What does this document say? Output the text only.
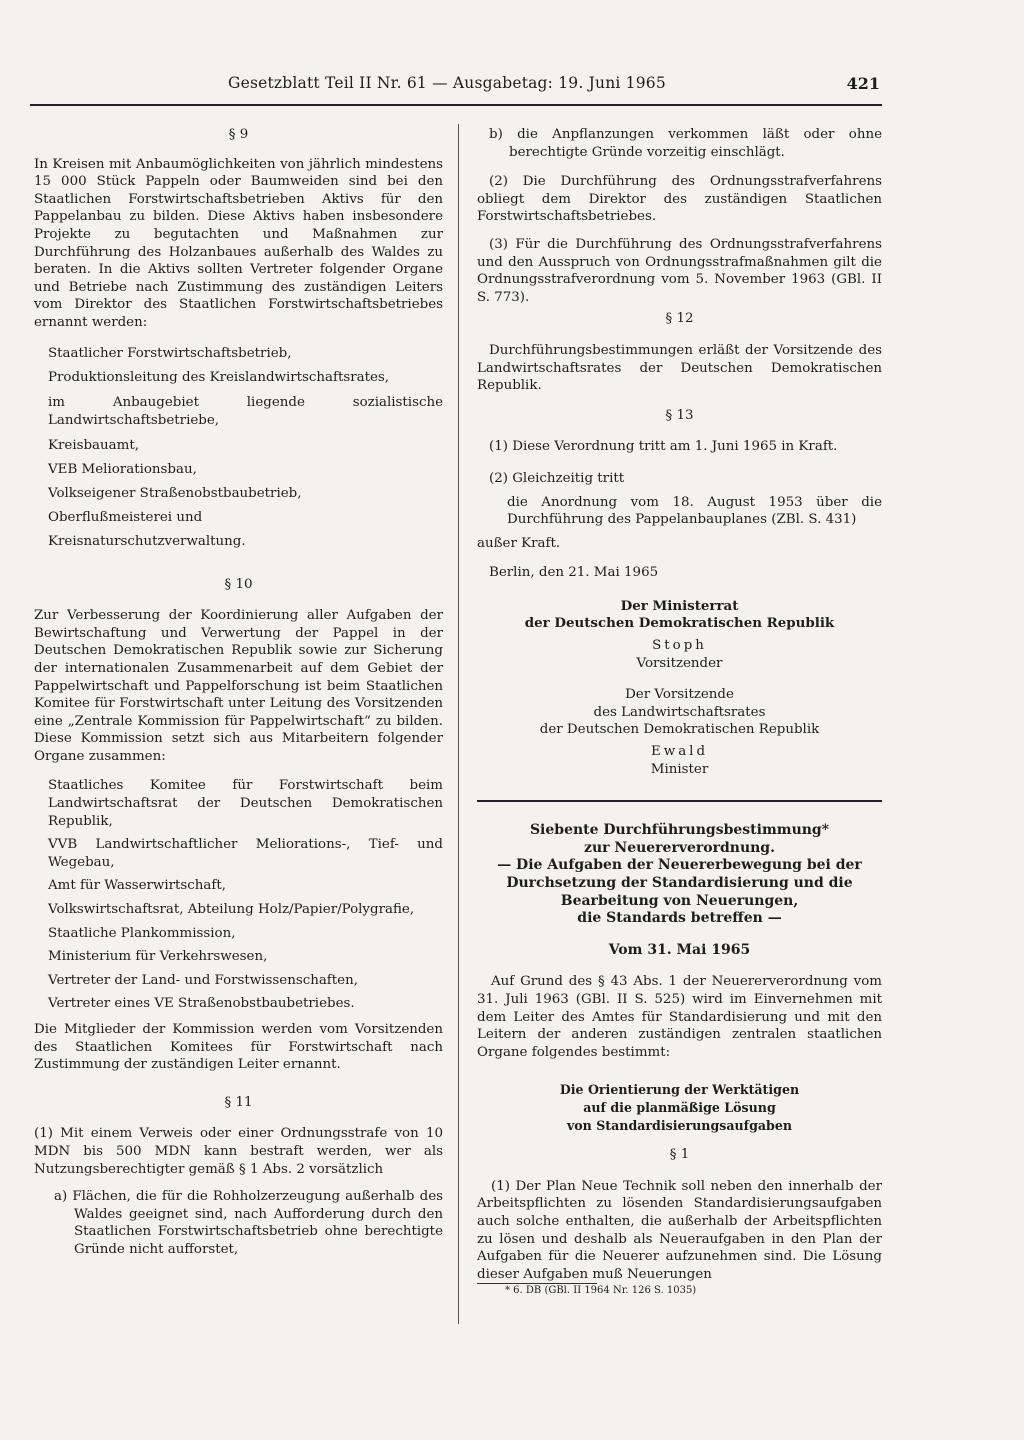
Gesetzblatt Teil II Nr. 61 — Ausgabetag: 19. Juni 1965	421

§ 9

In Kreisen mit Anbaumöglichkeiten von jährlich mindestens 15 000 Stück Pappeln oder Baumweiden sind bei den Staatlichen Forstwirtschaftsbetrieben Aktivs für den Pappelanbau zu bilden. Diese Aktivs haben insbesondere Projekte zu begutachten und Maßnahmen zur Durchführung des Holzanbaues außerhalb des Waldes zu beraten. In die Aktivs sollten Vertreter folgender Organe und Betriebe nach Zustimmung des zuständigen Leiters vom Direktor des Staatlichen Forstwirtschaftsbetriebes ernannt werden:

Staatlicher Forstwirtschaftsbetrieb,

Produktionsleitung des Kreislandwirtschaftsrates,

im Anbaugebiet liegende sozialistische Landwirtschaftsbetriebe,

Kreisbauamt,

VEB Meliorationsbau,

Volkseigener Straßenobstbaubetrieb,

Oberflußmeisterei und

Kreisnaturschutzverwaltung.

§ 10

Zur Verbesserung der Koordinierung aller Aufgaben der Bewirtschaftung und Verwertung der Pappel in der Deutschen Demokratischen Republik sowie zur Sicherung der internationalen Zusammenarbeit auf dem Gebiet der Pappelwirtschaft und Pappelforschung ist beim Staatlichen Komitee für Forstwirtschaft unter Leitung des Vorsitzenden eine „Zentrale Kommission für Pappelwirtschaft“ zu bilden. Diese Kommission setzt sich aus Mitarbeitern folgender Organe zusammen:

Staatliches Komitee für Forstwirtschaft beim Landwirtschaftsrat der Deutschen Demokratischen Republik,

VVB Landwirtschaftlicher Meliorations-, Tief- und Wegebau,

Amt für Wasserwirtschaft,

Volkswirtschaftsrat, Abteilung Holz/Papier/Polygrafie,

Staatliche Plankommission,

Ministerium für Verkehrswesen,

Vertreter der Land- und Forstwissenschaften,

Vertreter eines VE Straßenobstbaubetriebes.

Die Mitglieder der Kommission werden vom Vorsitzenden des Staatlichen Komitees für Forstwirtschaft nach Zustimmung der zuständigen Leiter ernannt.

§ 11

(1) Mit einem Verweis oder einer Ordnungsstrafe von 10 MDN bis 500 MDN kann bestraft werden, wer als Nutzungsberechtigter gemäß § 1 Abs. 2 vorsätzlich

a) Flächen, die für die Rohholzerzeugung außerhalb des Waldes geeignet sind, nach Aufforderung durch den Staatlichen Forstwirtschaftsbetrieb ohne berechtigte Gründe nicht aufforstet,

b) die Anpflanzungen verkommen läßt oder ohne berechtigte Gründe vorzeitig einschlägt.

(2) Die Durchführung des Ordnungsstrafverfahrens obliegt dem Direktor des zuständigen Staatlichen Forstwirtschaftsbetriebes.

(3) Für die Durchführung des Ordnungsstrafverfahrens und den Ausspruch von Ordnungsstrafmaßnahmen gilt die Ordnungsstrafverordnung vom 5. November 1963 (GBl. II S. 773).

§ 12

Durchführungsbestimmungen erläßt der Vorsitzende des Landwirtschaftsrates der Deutschen Demokratischen Republik.

§ 13

(1) Diese Verordnung tritt am 1. Juni 1965 in Kraft.

(2) Gleichzeitig tritt

die Anordnung vom 18. August 1953 über die Durchführung des Pappelanbauplanes (ZBl. S. 431)

außer Kraft.

Berlin, den 21. Mai 1965

Der Ministerrat
der Deutschen Demokratischen Republik
Stoph
Vorsitzender
Der Vorsitzende
des Landwirtschaftsrates
der Deutschen Demokratischen Republik
Ewald
Minister
Siebente Durchführungsbestimmung*
zur Neuererverordnung.
— Die Aufgaben der Neuererbewegung bei der
Durchsetzung der Standardisierung und die
Bearbeitung von Neuerungen,
die Standards betreffen —
Vom 31. Mai 1965

Auf Grund des § 43 Abs. 1 der Neuererverordnung vom 31. Juli 1963 (GBl. II S. 525) wird im Einvernehmen mit dem Leiter des Amtes für Standardisierung und mit den Leitern der anderen zuständigen zentralen staatlichen Organe folgendes bestimmt:

Die Orientierung der Werktätigen
auf die planmäßige Lösung
von Standardisierungsaufgaben

§ 1

(1) Der Plan Neue Technik soll neben den innerhalb der Arbeitspflichten zu lösenden Standardisierungsaufgaben auch solche enthalten, die außerhalb der Arbeitspflichten zu lösen und deshalb als Neueraufgaben in den Plan der Aufgaben für die Neuerer aufzunehmen sind. Die Lösung dieser Aufgaben muß Neuerungen

* 6. DB (GBl. II 1964 Nr. 126 S. 1035)
